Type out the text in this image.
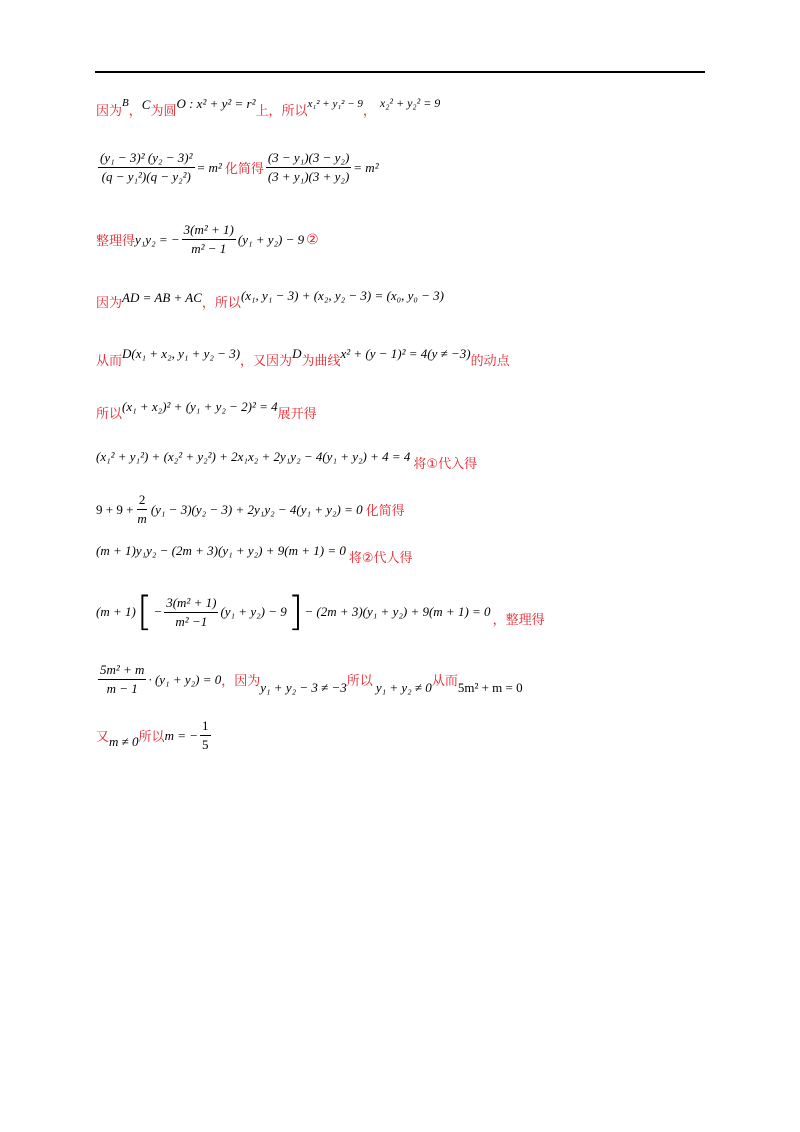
因为
B
， C 为圆
O : x² + y² = r²
上，所以
x₁² + y₁² − 9
，
x₂² + y₂² = 9
$\frac{\text{(y₁ − 3)² (y₂ − 3)²}}{\text{(q − y₁²)(q − y₂²)}} = m^2$ 化简得 $\frac{\text{(3 − y₁)(3 − y₂)}}{\text{(3 + y₁)(3 + y₂)}} = m^2$
整理得 y₁y₂ = − $\frac{\text{3(m² + 1)}}{\text{m² − 1}} (y_1 + y_2) - 9$ ②
因为 AD = AB + AC ，所以
(x₁, y₁ − 3) + (x₂, y₂ − 3) = (x₀, y₀ − 3)
从而
D(x₁ + x₂, y₁ + y₂ − 3)
，又因为
D
为曲线
x² + (y − 1)² = 4(y ≠ −3)
的动点
所以
(x₁ + x₂)² + (y₁ + y₂ − 2)² = 4
展开得
(x₁² + y₁²) + (x₂² + y₂²) + 2x₁x₂ + 2y₁y₂ − 4(y₁ + y₂) + 4 = 4
将①代入得
$9 + 9 + \frac{2}{m} (y_1 - 3)(y_2 - 3) + 2y_1y_2 - 4(y_1 + y_2) = 0$ 化简得
(m + 1)y₁y₂ − (2m + 3)(y₁ + y₂) + 9(m + 1) = 0
将②代人得
(m + 1) [ − $\frac{\text{3(m² + 1)}}{\text{m² −1}} (y_1 + y_2) - 9$ ] − (2m + 3)(y₁ + y₂) + 9(m + 1) = 0
，整理得
$\frac{\text{5m² + m}}{m - 1} \cdot (y_1 + y_2) = 0$ ，因为 y₁ + y₂ − 3 ≠ −3 所以 y₁ + y₂ ≠ 0 从而 5m² + m = 0
又 m ≠ 0 所以 m = − $\frac{1}{5}$
